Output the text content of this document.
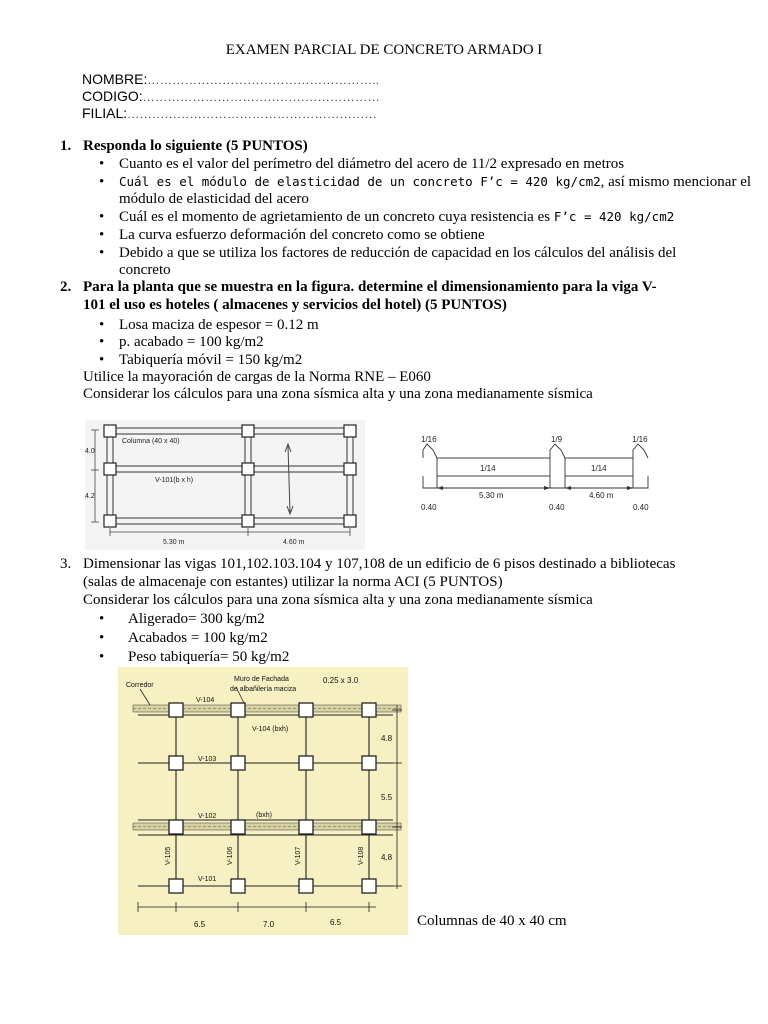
EXAMEN PARCIAL DE CONCRETO ARMADO I
NOMBRE:………………………………………………..
CODIGO:…………………………………………………
FILIAL:……………………………………………………
1. Responda lo siguiente (5 PUNTOS)
• Cuanto es el valor del perímetro del diámetro del acero de 11/2 expresado en metros
• Cuál es el módulo de elasticidad de un concreto F’c = 420 kg/cm2, así mismo mencionar el
módulo de elasticidad del acero
• Cuál es el momento de agrietamiento de un concreto cuya resistencia es F’c = 420 kg/cm2
• La curva esfuerzo deformación del concreto como se obtiene
• Debido a que se utiliza los factores de reducción de capacidad en los cálculos del análisis del
concreto
2. Para la planta que se muestra en la figura. determine el dimensionamiento para la viga V-
101 el uso es hoteles ( almacenes y servicios del hotel) (5 PUNTOS)
• Losa maciza de espesor = 0.12 m
• p. acabado = 100 kg/m2
• Tabiquería móvil = 150 kg/m2
Utilice la mayoración de cargas de la Norma RNE – E060
Considerar los cálculos para una zona sísmica alta y una zona medianamente sísmica
Columna (40 x 40)
V-101(b x h)
4.0
4.2
5.30 m	4.60 m
1/16	1/9	1/16
1/14	1/14
5.30 m	4.60 m
0.40	0.40	0.40
3. Dimensionar las vigas 101,102.103.104 y 107,108 de un edificio de 6 pisos destinado a bibliotecas
(salas de almacenaje con estantes) utilizar la norma ACI (5 PUNTOS)
Considerar los cálculos para una zona sísmica alta y una zona medianamente sísmica
• Aligerado= 300 kg/m2
• Acabados = 100 kg/m2
• Peso tabiquería= 50 kg/m2
Corredor
Muro de Fachada
de albañilería maciza
0.25 x 3.0
V-104
V-104 (bxh)
V-103
V-102	(bxh)
V-101
V-105	V-106	V-107	V-108
4.8
5.5
4.8
6.5	7.0	6.5	Columnas de 40 x 40 cm
